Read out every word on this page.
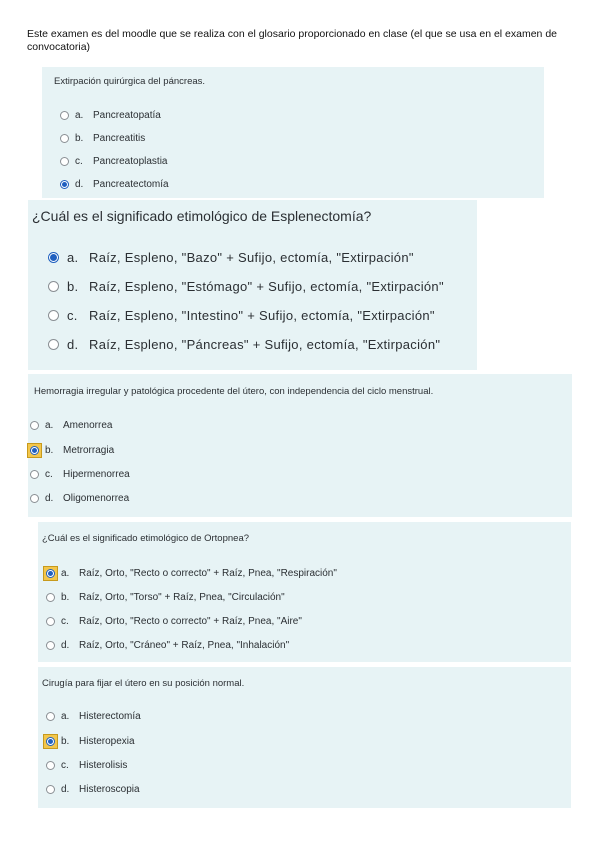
Este examen es del moodle que se realiza con el glosario proporcionado en clase (el que se usa en el examen de convocatoria)
Extirpación quirúrgica del páncreas.
a. Pancreatopatía
b. Pancreatitis
c.	Pancreatoplastia
d. Pancreatectomía
¿Cuál es el significado etimológico de Esplenectomía?
a. Raíz, Espleno, "Bazo" + Sufijo, ectomía, "Extirpación"
b. Raíz, Espleno, "Estómago" + Sufijo, ectomía, "Extirpación"
c. Raíz, Espleno, "Intestino" + Sufijo, ectomía, "Extirpación"
d. Raíz, Espleno, "Páncreas" + Sufijo, ectomía, "Extirpación"
Hemorragia irregular y patológica procedente del útero, con independencia del ciclo menstrual.
a. Amenorrea
b. Metrorragia
c.	Hipermenorrea
d. Oligomenorrea
¿Cuál es el significado etimológico de Ortopnea?
a. Raíz, Orto, "Recto o correcto" + Raíz, Pnea, "Respiración"
b. Raíz, Orto, "Torso" + Raíz, Pnea, "Circulación"
c.	Raíz, Orto, "Recto o correcto" + Raíz, Pnea, "Aire"
d. Raíz, Orto, "Cráneo" + Raíz, Pnea, "Inhalación"
Cirugía para fijar el útero en su posición normal.
a. Histerectomía
b. Histeropexia
c.	Histerolisis
d. Histeroscopia
